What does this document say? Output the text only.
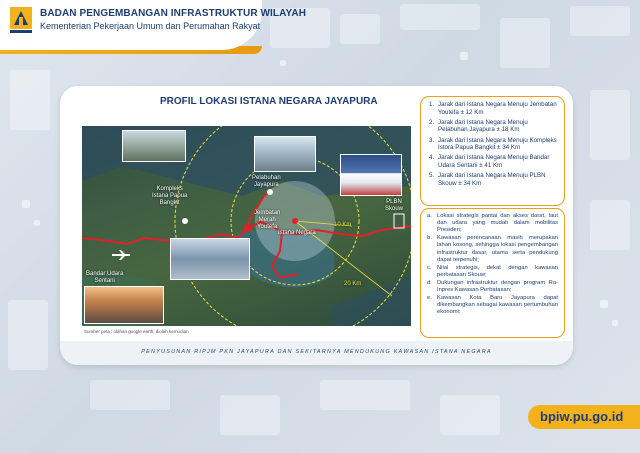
BADAN PENGEMBANGAN INFRASTRUKTUR WILAYAH
Kementerian Pekerjaan Umum dan Perumahan Rakyat
PROFIL LOKASI ISTANA NEGARA JAYAPURA
Kompleks
Istana Papua
Bangkit
Bandar Udara
Sentani
Pelabuhan
Jayapura
Jembatan
Merah
Youtefa
Istana Negara
PLBN
Skouw
10 Km
20 Km
Sumber peta : olahan google earth, diolah kemudian
1. Jarak dari Istana Negara Menuju Jembatan Youtefa ± 12 Km
2. Jarak dari Istana Negara Menuju Pelabuhan Jayapura ± 18 Km
3. Jarak dari Istana Negara Menuju Kompleks Istora Papua Bangkit ± 34 Km
4. Jarak dari Istana Negara Menuju Bandar Udara Sentani ± 41 Km
5. Jarak dari Istana Negara Menuju PLBN Skouw ± 34 Km
a. Lokasi strategis pantai dan akses darat, laut dan udara yang mudah dalam mobilitas Presiden;
b. Kawasan perencanaan masih merupakan lahan kosong, sehingga lokasi pengembangan infrastruktur dasar, utama serta pendukung dapat terpenuhi;
c. Nilai strategis, dekat dengan kawasan perbatasan Skouw;
d. Dukungan infrastruktur dengan program Ra-Inpres Kawasan Perbatasan;
e. Kawasan Kota Baru Jayapura dapat dikembangkan sebagai kawasan pertumbuhan ekonomi;
PENYUSUNAN RIPJM PKN JAYAPURA DAN SEKITARNYA MENDUKUNG KAWASAN ISTANA NEGARA
bpiw.pu.go.id
